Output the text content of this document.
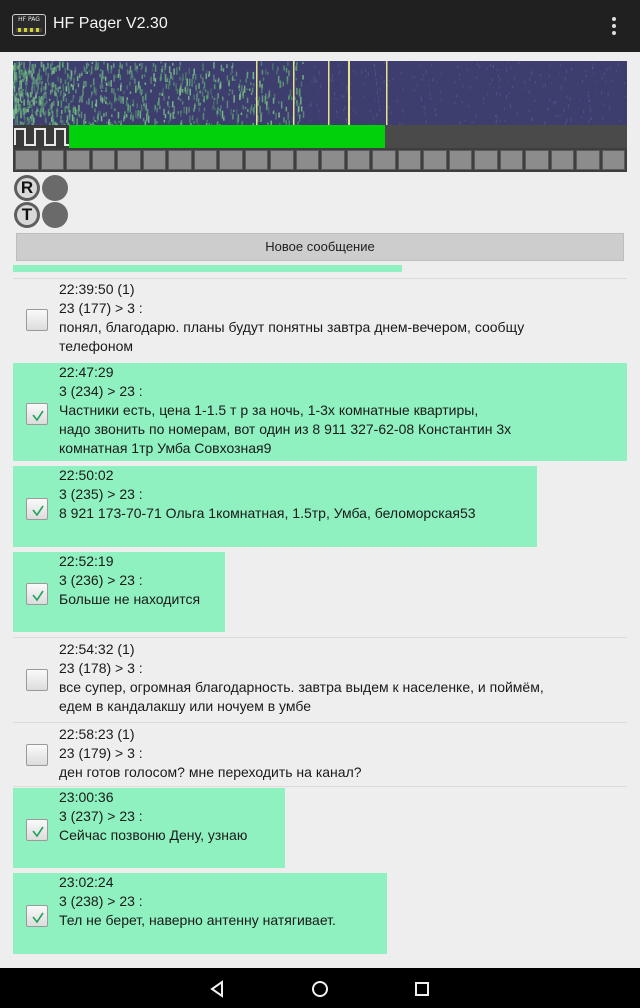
HF PAG HF Pager V2.30
R
T
Новое сообщение
22:39:50 (1)
23 (177) > 3 :
понял, благодарю. планы будут понятны завтра днем-вечером, сообщу
телефоном
22:47:29
3 (234) > 23 :
Частники есть, цена 1-1.5 т р за ночь, 1-3х комнатные квартиры,
надо звонить по номерам, вот один из 8 911 327-62-08 Константин 3х
комнатная 1тр Умба Совхозная9
22:50:02
3 (235) > 23 :
8 921 173-70-71 Ольга 1комнатная, 1.5тр, Умба, беломорская53
22:52:19
3 (236) > 23 :
Больше не находится
22:54:32 (1)
23 (178) > 3 :
все супер, огромная благодарность. завтра выдем к населенке, и поймём,
едем в кандалакшу или ночуем в умбе
22:58:23 (1)
23 (179) > 3 :
ден готов голосом? мне переходить на канал?
23:00:36
3 (237) > 23 :
Сейчас позвоню Дену, узнаю
23:02:24
3 (238) > 23 :
Тел не берет, наверно антенну натягивает.
